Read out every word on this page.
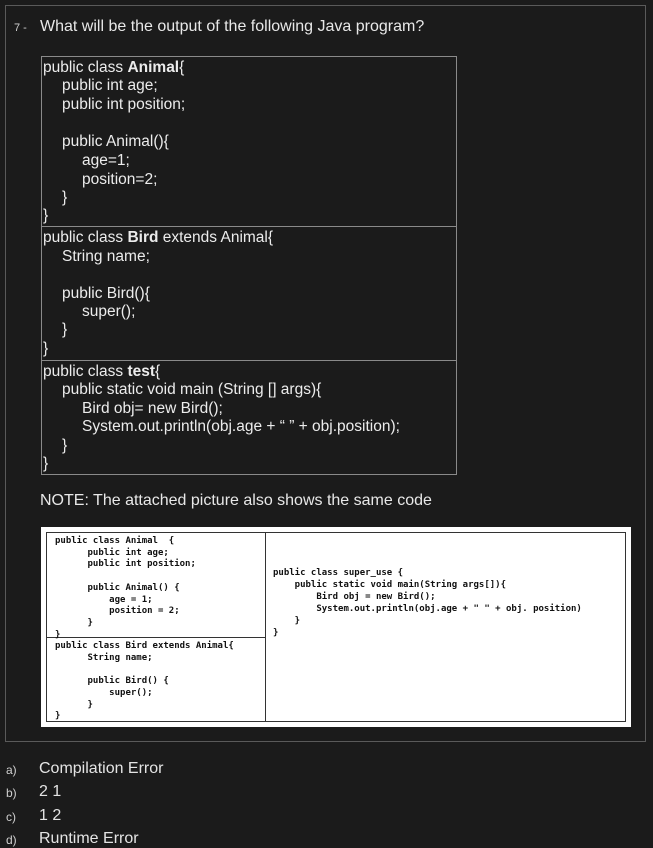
7 - What will be the output of the following Java program?
public class Animal{
public int age;
public int position;
public Animal(){
age=1;
position=2;
}
}
public class Bird extends Animal{
String name;
public Bird(){
super();
}
}
public class test{
public static void main (String [] args){
Bird obj= new Bird();
System.out.println(obj.age + “ ” + obj.position);
}
}
NOTE: The attached picture also shows the same code
public class Animal  {
public int age;
public int position;
public Animal() {
age = 1;
position = 2;
}
}
public class Bird extends Animal{
String name;
public Bird() {
super();
}
}
public class super_use {
public static void main(String args[]){
Bird obj = new Bird();
System.out.println(obj.age + " " + obj. position)
}
}
a) Compilation Error
b) 2 1
c) 1 2
d) Runtime Error
